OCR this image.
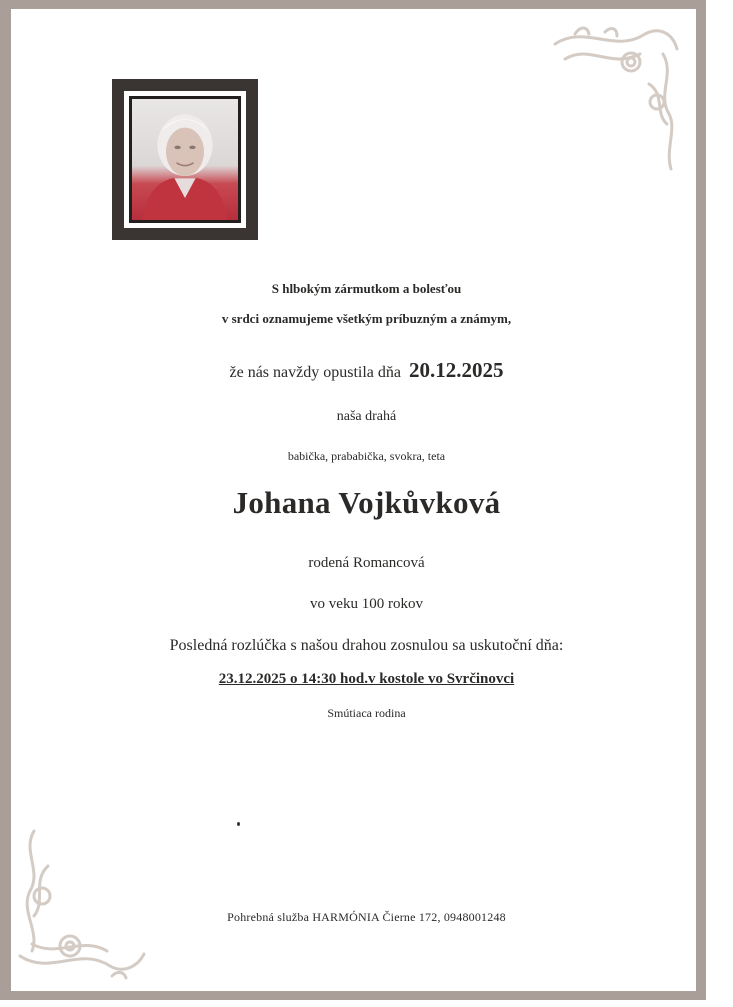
S hlbokým zármutkom a bolesťou

v srdci oznamujeme všetkým príbuzným a známym,

že nás navždy opustila dňa 20.12.2025

naša drahá

babička, prababička, svokra, teta

Johana Vojkůvková

rodená Romancová

vo veku 100 rokov

Posledná rozlúčka s našou drahou zosnulou sa uskutoční dňa:

23.12.2025 o 14:30 hod.v kostole vo Svrčinovci

Smútiaca rodina

Pohrebná služba HARMÓNIA Čierne 172, 0948001248
